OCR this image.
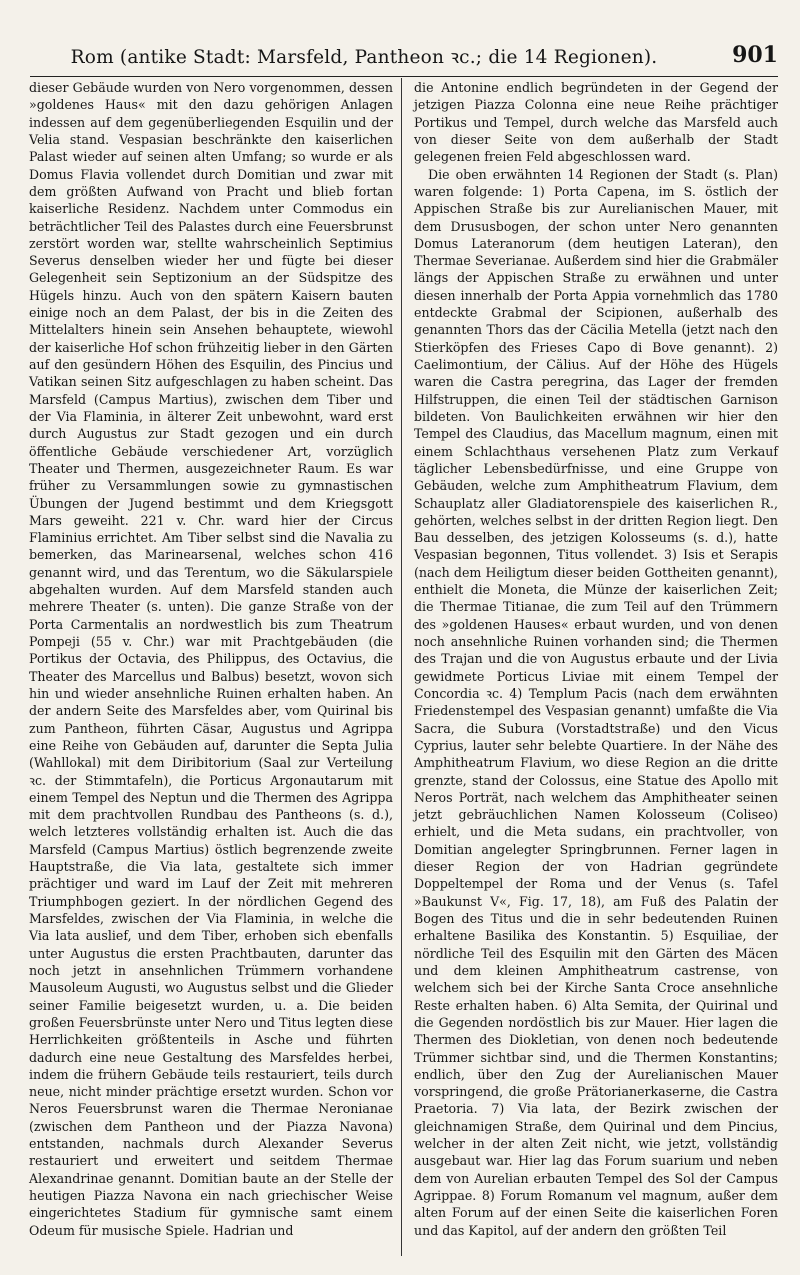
Rom (antike Stadt: Marsfeld, Pantheon ꝛc.; die 14 Regionen).	901

dieser Gebäude wurden von Nero vorgenommen, dessen »goldenes Haus« mit den dazu gehörigen Anlagen indessen auf dem gegenüberliegenden Esquilin und der Velia stand. Vespasian beschränkte den kaiserlichen Palast wieder auf seinen alten Umfang; so wurde er als Domus Flavia vollendet durch Domitian und zwar mit dem größten Aufwand von Pracht und blieb fortan kaiserliche Residenz. Nachdem unter Commodus ein beträchtlicher Teil des Palastes durch eine Feuersbrunst zerstört worden war, stellte wahrscheinlich Septimius Severus denselben wieder her und fügte bei dieser Gelegenheit sein Septizonium an der Südspitze des Hügels hinzu. Auch von den spätern Kaisern bauten einige noch an dem Palast, der bis in die Zeiten des Mittelalters hinein sein Ansehen behauptete, wiewohl der kaiserliche Hof schon frühzeitig lieber in den Gärten auf den gesündern Höhen des Esquilin, des Pincius und Vatikan seinen Sitz aufgeschlagen zu haben scheint. Das Marsfeld (Campus Martius), zwischen dem Tiber und der Via Flaminia, in älterer Zeit unbewohnt, ward erst durch Augustus zur Stadt gezogen und ein durch öffentliche Gebäude verschiedener Art, vorzüglich Theater und Thermen, ausgezeichneter Raum. Es war früher zu Versammlungen sowie zu gymnastischen Übungen der Jugend bestimmt und dem Kriegsgott Mars geweiht. 221 v. Chr. ward hier der Circus Flaminius errichtet. Am Tiber selbst sind die Navalia zu bemerken, das Marinearsenal, welches schon 416 genannt wird, und das Terentum, wo die Säkularspiele abgehalten wurden. Auf dem Marsfeld standen auch mehrere Theater (s. unten). Die ganze Straße von der Porta Carmentalis an nordwestlich bis zum Theatrum Pompeji (55 v. Chr.) war mit Prachtgebäuden (die Portikus der Octavia, des Philippus, des Octavius, die Theater des Marcellus und Balbus) besetzt, wovon sich hin und wieder ansehnliche Ruinen erhalten haben. An der andern Seite des Marsfeldes aber, vom Quirinal bis zum Pantheon, führten Cäsar, Augustus und Agrippa eine Reihe von Gebäuden auf, darunter die Septa Julia (Wahllokal) mit dem Diribitorium (Saal zur Verteilung ꝛc. der Stimmtafeln), die Porticus Argonautarum mit einem Tempel des Neptun und die Thermen des Agrippa mit dem prachtvollen Rundbau des Pantheons (s. d.), welch letzteres vollständig erhalten ist. Auch die das Marsfeld (Campus Martius) östlich begrenzende zweite Hauptstraße, die Via lata, gestaltete sich immer prächtiger und ward im Lauf der Zeit mit mehreren Triumphbogen geziert. In der nördlichen Gegend des Marsfeldes, zwischen der Via Flaminia, in welche die Via lata auslief, und dem Tiber, erhoben sich ebenfalls unter Augustus die ersten Prachtbauten, darunter das noch jetzt in ansehnlichen Trümmern vorhandene Mausoleum Augusti, wo Augustus selbst und die Glieder seiner Familie beigesetzt wurden, u. a. Die beiden großen Feuersbrünste unter Nero und Titus legten diese Herrlichkeiten größtenteils in Asche und führten dadurch eine neue Gestaltung des Marsfeldes herbei, indem die frühern Gebäude teils restauriert, teils durch neue, nicht minder prächtige ersetzt wurden. Schon vor Neros Feuersbrunst waren die Thermae Neronianae (zwischen dem Pantheon und der Piazza Navona) entstanden, nachmals durch Alexander Severus restauriert und erweitert und seitdem Thermae Alexandrinae genannt. Domitian baute an der Stelle der heutigen Piazza Navona ein nach griechischer Weise eingerichtetes Stadium für gymnische samt einem Odeum für musische Spiele. Hadrian und

die Antonine endlich begründeten in der Gegend der jetzigen Piazza Colonna eine neue Reihe prächtiger Portikus und Tempel, durch welche das Marsfeld auch von dieser Seite von dem außerhalb der Stadt gelegenen freien Feld abgeschlossen ward.

Die oben erwähnten 14 Regionen der Stadt (s. Plan) waren folgende: 1) Porta Capena, im S. östlich der Appischen Straße bis zur Aurelianischen Mauer, mit dem Drususbogen, der schon unter Nero genannten Domus Lateranorum (dem heutigen Lateran), den Thermae Severianae. Außerdem sind hier die Grabmäler längs der Appischen Straße zu erwähnen und unter diesen innerhalb der Porta Appia vornehmlich das 1780 entdeckte Grabmal der Scipionen, außerhalb des genannten Thors das der Cäcilia Metella (jetzt nach den Stierköpfen des Frieses Capo di Bove genannt). 2) Caelimontium, der Cälius. Auf der Höhe des Hügels waren die Castra peregrina, das Lager der fremden Hilfstruppen, die einen Teil der städtischen Garnison bildeten. Von Baulichkeiten erwähnen wir hier den Tempel des Claudius, das Macellum magnum, einen mit einem Schlachthaus versehenen Platz zum Verkauf täglicher Lebensbedürfnisse, und eine Gruppe von Gebäuden, welche zum Amphitheatrum Flavium, dem Schauplatz aller Gladiatorenspiele des kaiserlichen R., gehörten, welches selbst in der dritten Region liegt. Den Bau desselben, des jetzigen Kolosseums (s. d.), hatte Vespasian begonnen, Titus vollendet. 3) Isis et Serapis (nach dem Heiligtum dieser beiden Gottheiten genannt), enthielt die Moneta, die Münze der kaiserlichen Zeit; die Thermae Titianae, die zum Teil auf den Trümmern des »goldenen Hauses« erbaut wurden, und von denen noch ansehnliche Ruinen vorhanden sind; die Thermen des Trajan und die von Augustus erbaute und der Livia gewidmete Porticus Liviae mit einem Tempel der Concordia ꝛc. 4) Templum Pacis (nach dem erwähnten Friedenstempel des Vespasian genannt) umfaßte die Via Sacra, die Subura (Vorstadtstraße) und den Vicus Cyprius, lauter sehr belebte Quartiere. In der Nähe des Amphitheatrum Flavium, wo diese Region an die dritte grenzte, stand der Colossus, eine Statue des Apollo mit Neros Porträt, nach welchem das Amphitheater seinen jetzt gebräuchlichen Namen Kolosseum (Coliseo) erhielt, und die Meta sudans, ein prachtvoller, von Domitian angelegter Springbrunnen. Ferner lagen in dieser Region der von Hadrian gegründete Doppeltempel der Roma und der Venus (s. Tafel »Baukunst V«, Fig. 17, 18), am Fuß des Palatin der Bogen des Titus und die in sehr bedeutenden Ruinen erhaltene Basilika des Konstantin. 5) Esquiliae, der nördliche Teil des Esquilin mit den Gärten des Mäcen und dem kleinen Amphitheatrum castrense, von welchem sich bei der Kirche Santa Croce ansehnliche Reste erhalten haben. 6) Alta Semita, der Quirinal und die Gegenden nordöstlich bis zur Mauer. Hier lagen die Thermen des Diokletian, von denen noch bedeutende Trümmer sichtbar sind, und die Thermen Konstantins; endlich, über den Zug der Aurelianischen Mauer vorspringend, die große Prätorianerkaserne, die Castra Praetoria. 7) Via lata, der Bezirk zwischen der gleichnamigen Straße, dem Quirinal und dem Pincius, welcher in der alten Zeit nicht, wie jetzt, vollständig ausgebaut war. Hier lag das Forum suarium und neben dem von Aurelian erbauten Tempel des Sol der Campus Agrippae. 8) Forum Romanum vel magnum, außer dem alten Forum auf der einen Seite die kaiserlichen Foren und das Kapitol, auf der andern den größten Teil
